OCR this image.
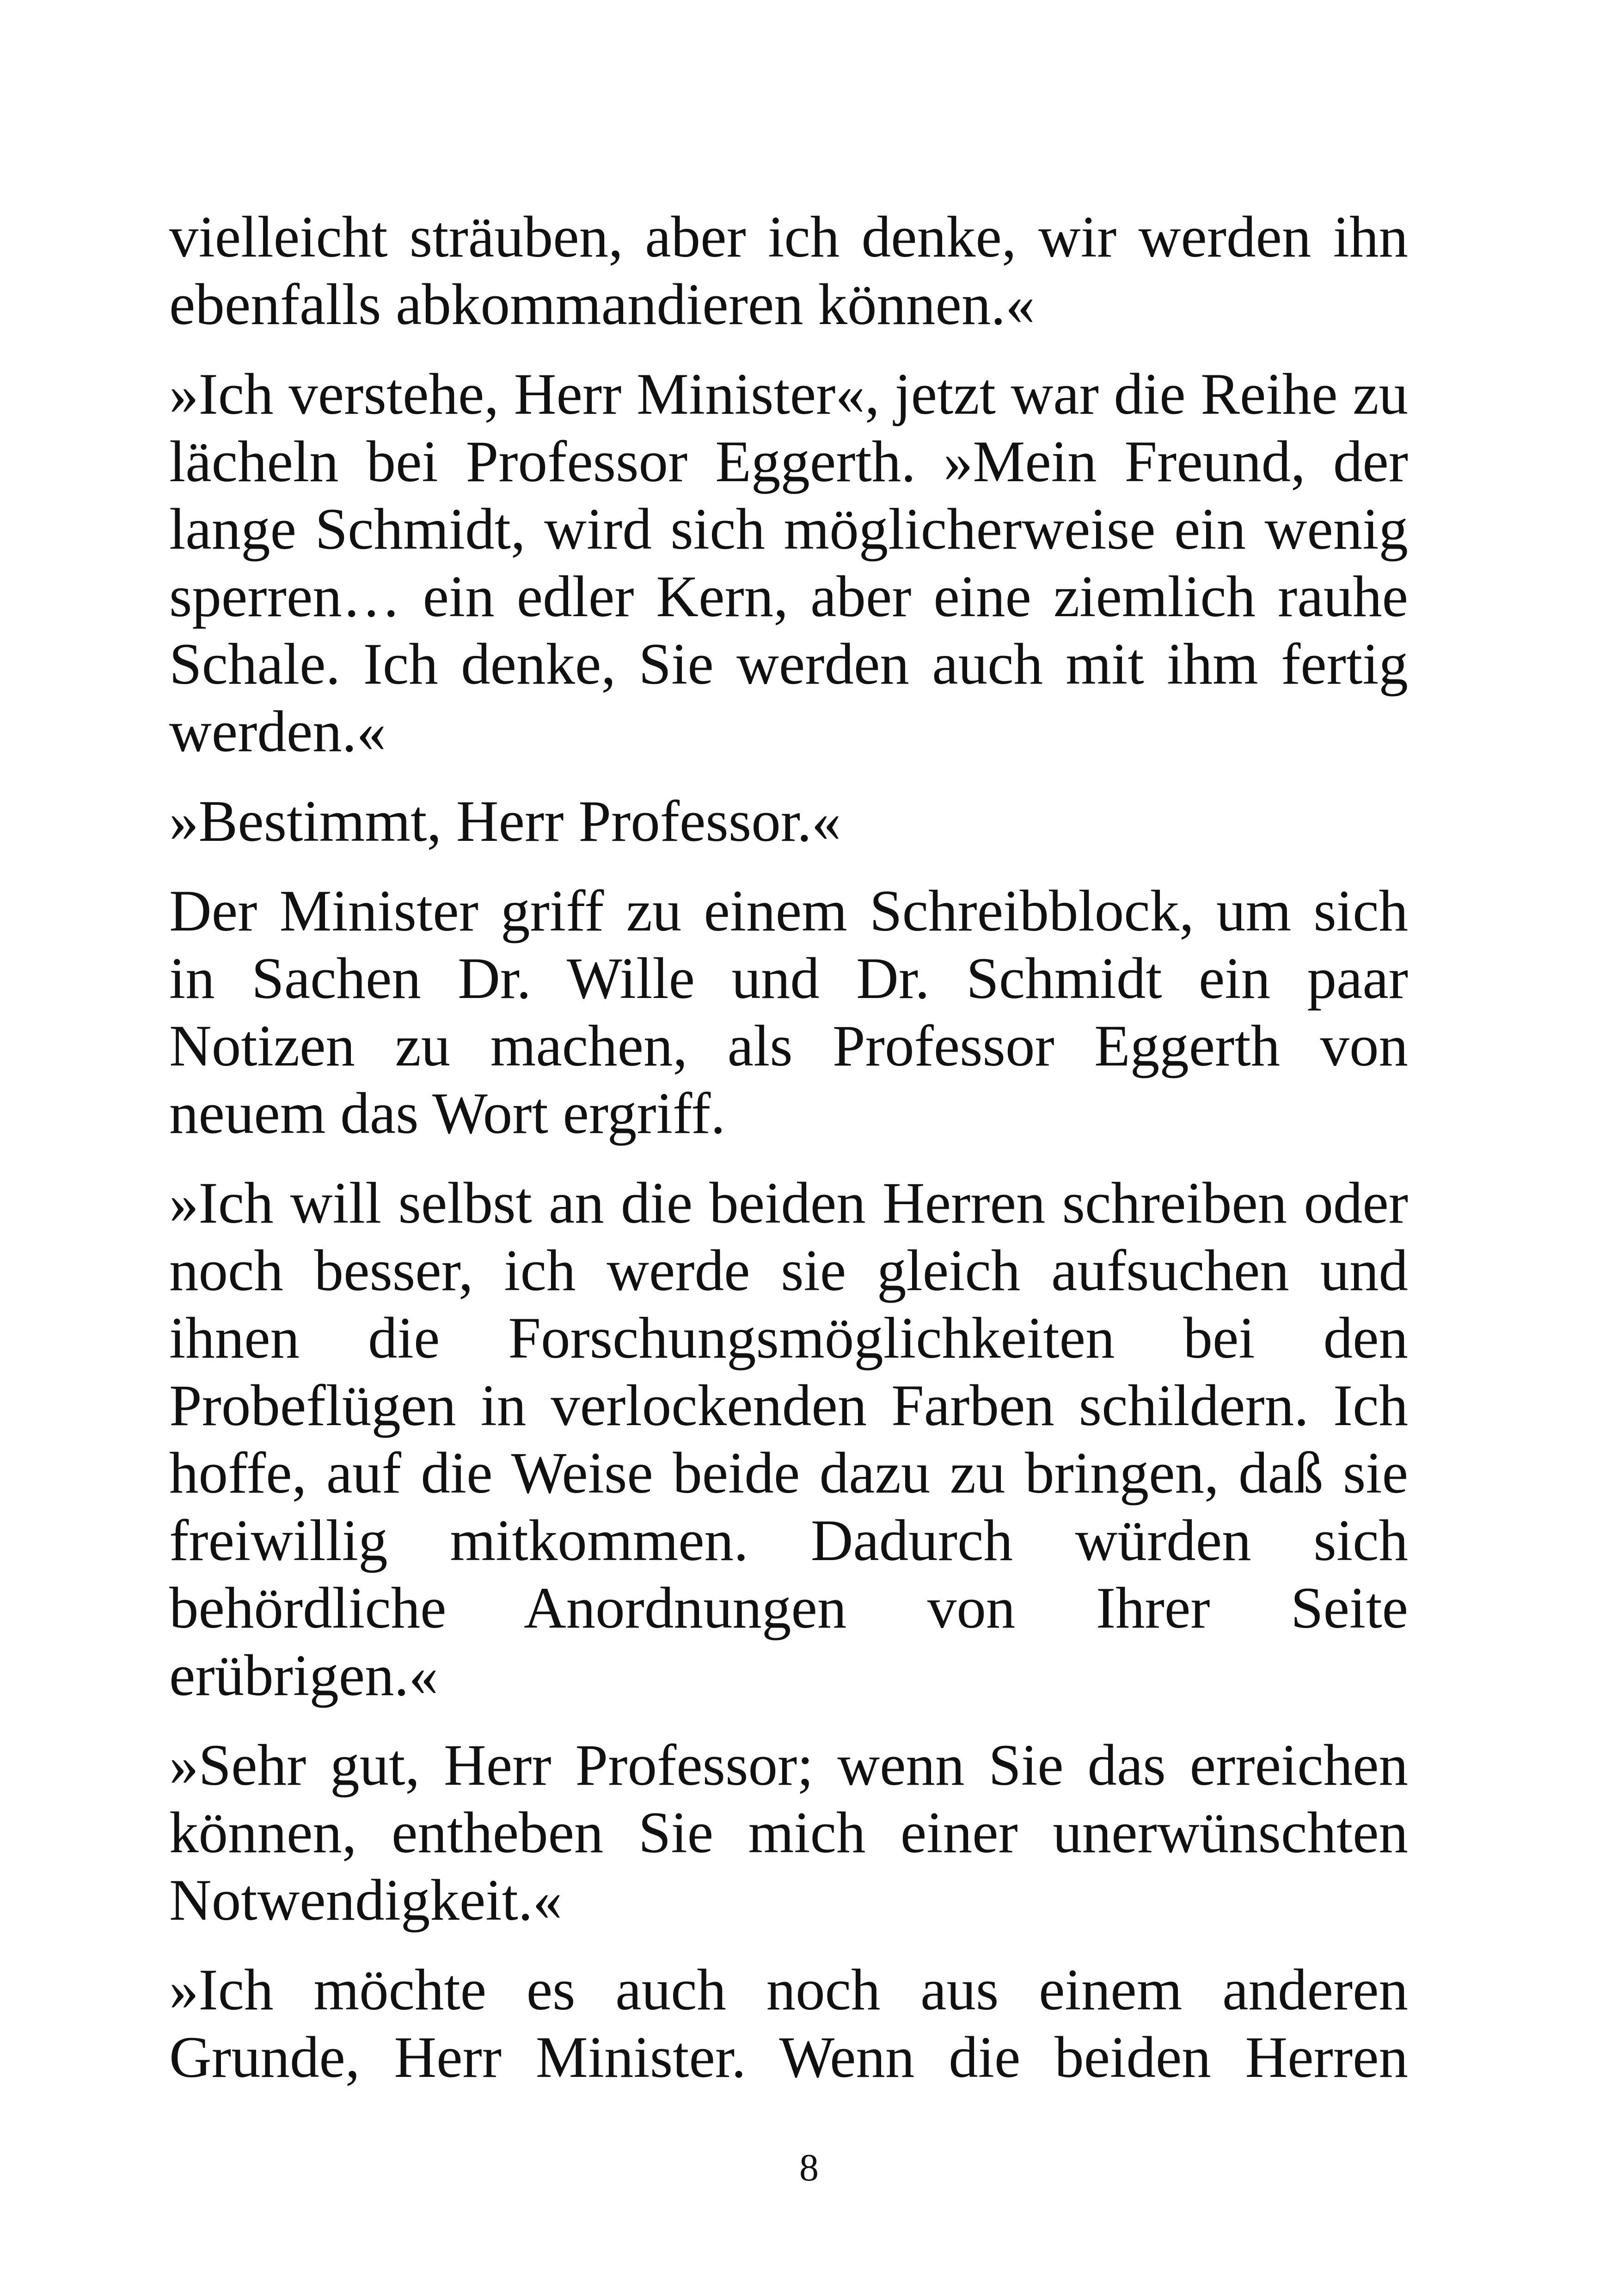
vielleicht sträuben, aber ich denke, wir werden ihn ebenfalls abkommandieren können.«

»Ich verstehe, Herr Minister«, jetzt war die Reihe zu lächeln bei Professor Eggerth. »Mein Freund, der lange Schmidt, wird sich möglicherweise ein wenig sperren… ein edler Kern, aber eine ziemlich rauhe Schale. Ich denke, Sie werden auch mit ihm fertig werden.«

»Bestimmt, Herr Professor.«

Der Minister griff zu einem Schreibblock, um sich in Sachen Dr. Wille und Dr. Schmidt ein paar Notizen zu machen, als Professor Eggerth von neuem das Wort ergriff.

»Ich will selbst an die beiden Herren schreiben oder noch besser, ich werde sie gleich aufsuchen und ihnen die Forschungsmöglichkeiten bei den Probeflügen in verlockenden Farben schildern. Ich hoffe, auf die Weise beide dazu zu bringen, daß sie freiwillig mitkommen. Dadurch würden sich behördliche Anordnungen von Ihrer Seite erübrigen.«

»Sehr gut, Herr Professor; wenn Sie das erreichen können, entheben Sie mich einer unerwünschten Notwendigkeit.«

»Ich möchte es auch noch aus einem anderen Grunde, Herr Minister. Wenn die beiden Herren

8
